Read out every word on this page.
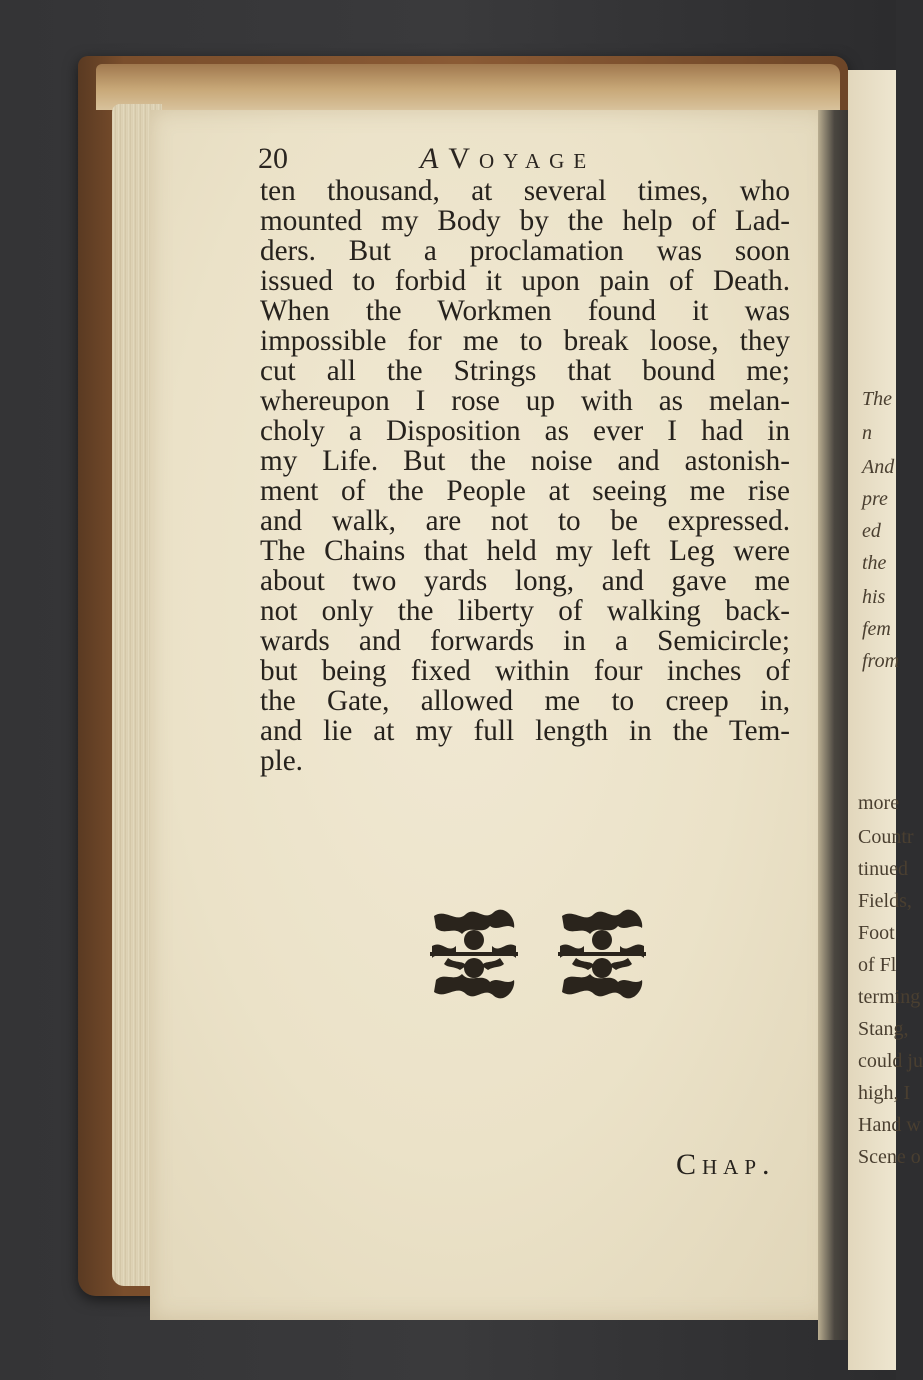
The
n
And
pre
ed
the
his
fem
from
more
Countr
tinued
Fields,
Foot
of Fl
terming
Stang,
could ju
high, I
Hand w
Scene o
20	A Voyage
ten thousand, at several times, who
mounted my Body by the help of Lad-
ders. But a proclamation was soon
issued to forbid it upon pain of Death.
When the Workmen found it was
impossible for me to break loose, they
cut all the Strings that bound me;
whereupon I rose up with as melan-
choly a Disposition as ever I had in
my Life. But the noise and astonish-
ment of the People at seeing me rise
and walk, are not to be expressed.
The Chains that held my left Leg were
about two yards long, and gave me
not only the liberty of walking back-
wards and forwards in a Semicircle;
but being fixed within four inches of
the Gate, allowed me to creep in,
and lie at my full length in the Tem-
ple.
Chap.
